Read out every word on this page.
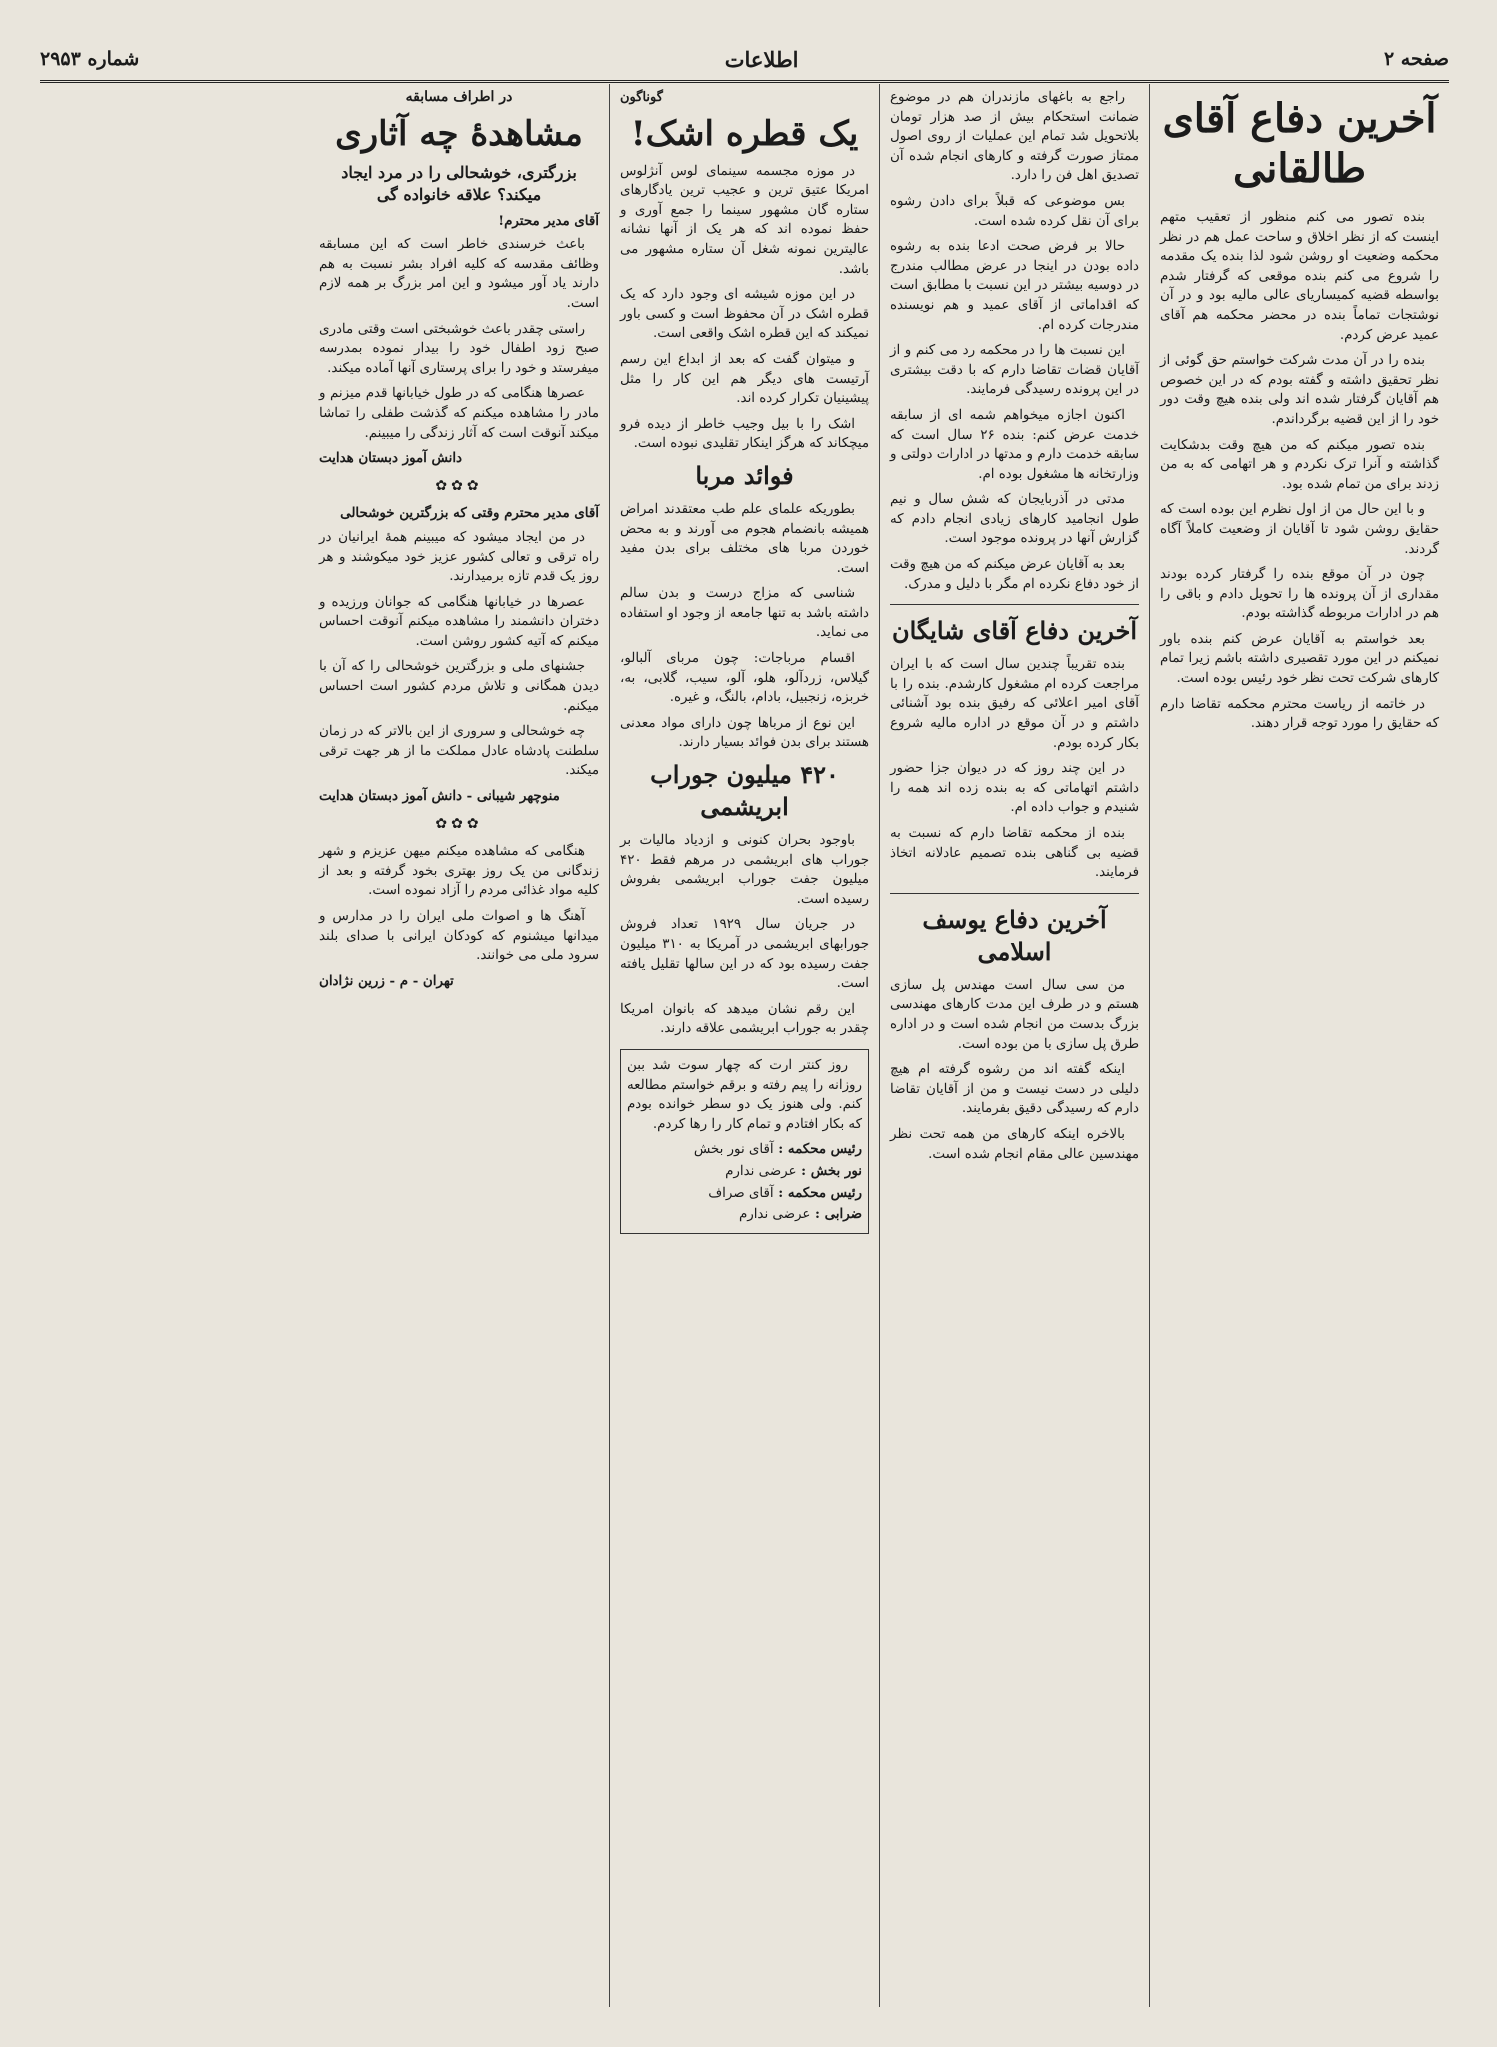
صفحه ۲
اطلاعات
شماره ۲۹۵۳
آخرین دفاع آقای طالقانی

بنده تصور می کنم منظور از تعقیب متهم اینست که از نظر اخلاق و ساحت عمل هم در نظر محکمه وضعیت او روشن شود لذا بنده یک مقدمه را شروع می کنم بنده موقعی که گرفتار شدم بواسطه قضیه کمیساریای عالی مالیه بود و در آن نوشتجات تماماً بنده در محضر محکمه هم آقای عمید عرض کردم.

بنده را در آن مدت شرکت خواستم حق گوئی از نظر تحقیق داشته و گفته بودم که در این خصوص هم آقایان گرفتار شده اند ولی بنده هیچ وقت دور خود را از این قضیه برگرداندم.

بنده تصور میکنم که من هیچ وقت بدشکایت گذاشته و آنرا ترک نکردم و هر اتهامی که به من زدند برای من تمام شده بود.

و با این حال من از اول نظرم این بوده است که حقایق روشن شود تا آقایان از وضعیت کاملاً آگاه گردند.

چون در آن موقع بنده را گرفتار کرده بودند مقداری از آن پرونده ها را تحویل دادم و باقی را هم در ادارات مربوطه گذاشته بودم.

بعد خواستم به آقایان عرض کنم بنده باور نمیکنم در این مورد تقصیری داشته باشم زیرا تمام کارهای شرکت تحت نظر خود رئیس بوده است.

در خاتمه از ریاست محترم محکمه تقاضا دارم که حقایق را مورد توجه قرار دهند.

راجع به باغهای مازندران هم در موضوع ضمانت استحکام بیش از صد هزار تومان بلاتحویل شد تمام این عملیات از روی اصول ممتاز صورت گرفته و کارهای انجام شده آن تصدیق اهل فن را دارد.

بس موضوعی که قبلاً برای دادن رشوه برای آن نقل کرده شده است.

حالا بر فرض صحت ادعا بنده به رشوه داده بودن در اینجا در عرض مطالب مندرج در دوسیه بیشتر در این نسبت با مطابق است که اقداماتی از آقای عمید و هم نویسنده مندرجات کرده ام.

این نسبت ها را در محکمه رد می کنم و از آقایان قضات تقاضا دارم که با دقت بیشتری در این پرونده رسیدگی فرمایند.

اکنون اجازه میخواهم شمه ای از سابقه خدمت عرض کنم: بنده ۲۶ سال است که سابقه خدمت دارم و مدتها در ادارات دولتی و وزارتخانه ها مشغول بوده ام.

مدتی در آذربایجان که شش سال و نیم طول انجامید کارهای زیادی انجام دادم که گزارش آنها در پرونده موجود است.

بعد به آقایان عرض میکنم که من هیچ وقت از خود دفاع نکرده ام مگر با دلیل و مدرک.

آخرین دفاع آقای شایگان

بنده تقریباً چندین سال است که با ایران مراجعت کرده ام مشغول کارشدم. بنده را با آقای امیر اعلائی که رفیق بنده بود آشنائی داشتم و در آن موقع در اداره مالیه شروع بکار کرده بودم.

در این چند روز که در دیوان جزا حضور داشتم اتهاماتی که به بنده زده اند همه را شنیدم و جواب داده ام.

بنده از محکمه تقاضا دارم که نسبت به قضیه بی گناهی بنده تصمیم عادلانه اتخاذ فرمایند.

آخرین دفاع یوسف اسلامی

من سی سال است مهندس پل سازی هستم و در طرف این مدت کارهای مهندسی بزرگ بدست من انجام شده است و در اداره طرق پل سازی با من بوده است.

اینکه گفته اند من رشوه گرفته ام هیچ دلیلی در دست نیست و من از آقایان تقاضا دارم که رسیدگی دقیق بفرمایند.

بالاخره اینکه کارهای من همه تحت نظر مهندسین عالی مقام انجام شده است.

گوناگون
یک قطره اشک!

در موزه مجسمه سینمای لوس آنژلوس امریکا عتیق ترین و عجیب ترین یادگارهای ستاره گان مشهور سینما را جمع آوری و حفظ نموده اند که هر یک از آنها نشانه عالیترین نمونه شغل آن ستاره مشهور می باشد.

در این موزه شیشه ای وجود دارد که یک قطره اشک در آن محفوظ است و کسی باور نمیکند که این قطره اشک واقعی است.

و میتوان گفت که بعد از ابداع این رسم آرتیست های دیگر هم این کار را مثل پیشینیان تکرار کرده اند.

اشک را با بیل وجیب خاطر از دیده فرو میچکاند که هرگز اینکار تقلیدی نبوده است.

فوائد مربا

بطوریکه علمای علم طب معتقدند امراض همیشه بانضمام هجوم می آورند و به محض خوردن مربا های مختلف برای بدن مفید است.

شناسی که مزاج درست و بدن سالم داشته باشد به تنها جامعه از وجود او استفاده می نماید.

اقسام مرباجات: چون مربای آلبالو، گیلاس، زردآلو، هلو، آلو، سیب، گلابی، به، خربزه، زنجبیل، بادام، بالنگ، و غیره.

این نوع از مرباها چون دارای مواد معدنی هستند برای بدن فوائد بسیار دارند.

۴۲۰ میلیون جوراب ابریشمی

باوجود بحران کنونی و ازدیاد مالیات بر جوراب های ابریشمی در مرهم فقط ۴۲۰ میلیون جفت جوراب ابریشمی بفروش رسیده است.

در جریان سال ۱۹۲۹ تعداد فروش جورابهای ابریشمی در آمریکا به ۳۱۰ میلیون جفت رسیده بود که در این سالها تقلیل یافته است.

این رقم نشان میدهد که بانوان امریکا چقدر به جوراب ابریشمی علاقه دارند.

روز کنتر ارت که چهار سوت شد ببن روزانه را پیم رفته و برقم خواستم مطالعه کنم. ولی هنوز یک دو سطر خوانده بودم که بکار افتادم و تمام کار را رها کردم.

رئیس محکمه : آقای نور بخش
نور بخش : عرضی ندارم
رئیس محکمه : آقای صراف
ضرابی : عرضی ندارم
در اطراف مسابقه
مشاهدهٔ چه آثاری
بزرگتری، خوشحالی را در مرد ایجاد میکند؟ علاقه خانواده گی
آقای مدیر محترم!

باعث خرسندی خاطر است که این مسابقه وظائف مقدسه که کلیه افراد بشر نسبت به هم دارند یاد آور میشود و این امر بزرگ بر همه لازم است.

راستی چقدر باعث خوشبختی است وقتی مادری صبح زود اطفال خود را بیدار نموده بمدرسه میفرستد و خود را برای پرستاری آنها آماده میکند.

عصرها هنگامی که در طول خیابانها قدم میزنم و مادر را مشاهده میکنم که گذشت طفلی را تماشا میکند آنوقت است که آثار زندگی را میبینم.

دانش آموز دبستان هدایت
✿✿✿
آقای مدیر محترم وقتی که بزرگترین خوشحالی

در من ایجاد میشود که میبینم همهٔ ایرانیان در راه ترقی و تعالی کشور عزیز خود میکوشند و هر روز یک قدم تازه برمیدارند.

عصرها در خیابانها هنگامی که جوانان ورزیده و دختران دانشمند را مشاهده میکنم آنوقت احساس میکنم که آتیه کشور روشن است.

جشنهای ملی و بزرگترین خوشحالی را که آن با دیدن همگانی و تلاش مردم کشور است احساس میکنم.

چه خوشحالی و سروری از این بالاتر که در زمان سلطنت پادشاه عادل مملکت ما از هر جهت ترقی میکند.

منوچهر شیبانی - دانش آموز دبستان هدایت
✿✿✿

هنگامی که مشاهده میکنم میهن عزیزم و شهر زندگانی من یک روز بهتری بخود گرفته و بعد از کلیه مواد غذائی مردم را آزاد نموده است.

آهنگ ها و اصوات ملی ایران را در مدارس و میدانها میشنوم که کودکان ایرانی با صدای بلند سرود ملی می خوانند.

تهران - م - زرین نژادان
